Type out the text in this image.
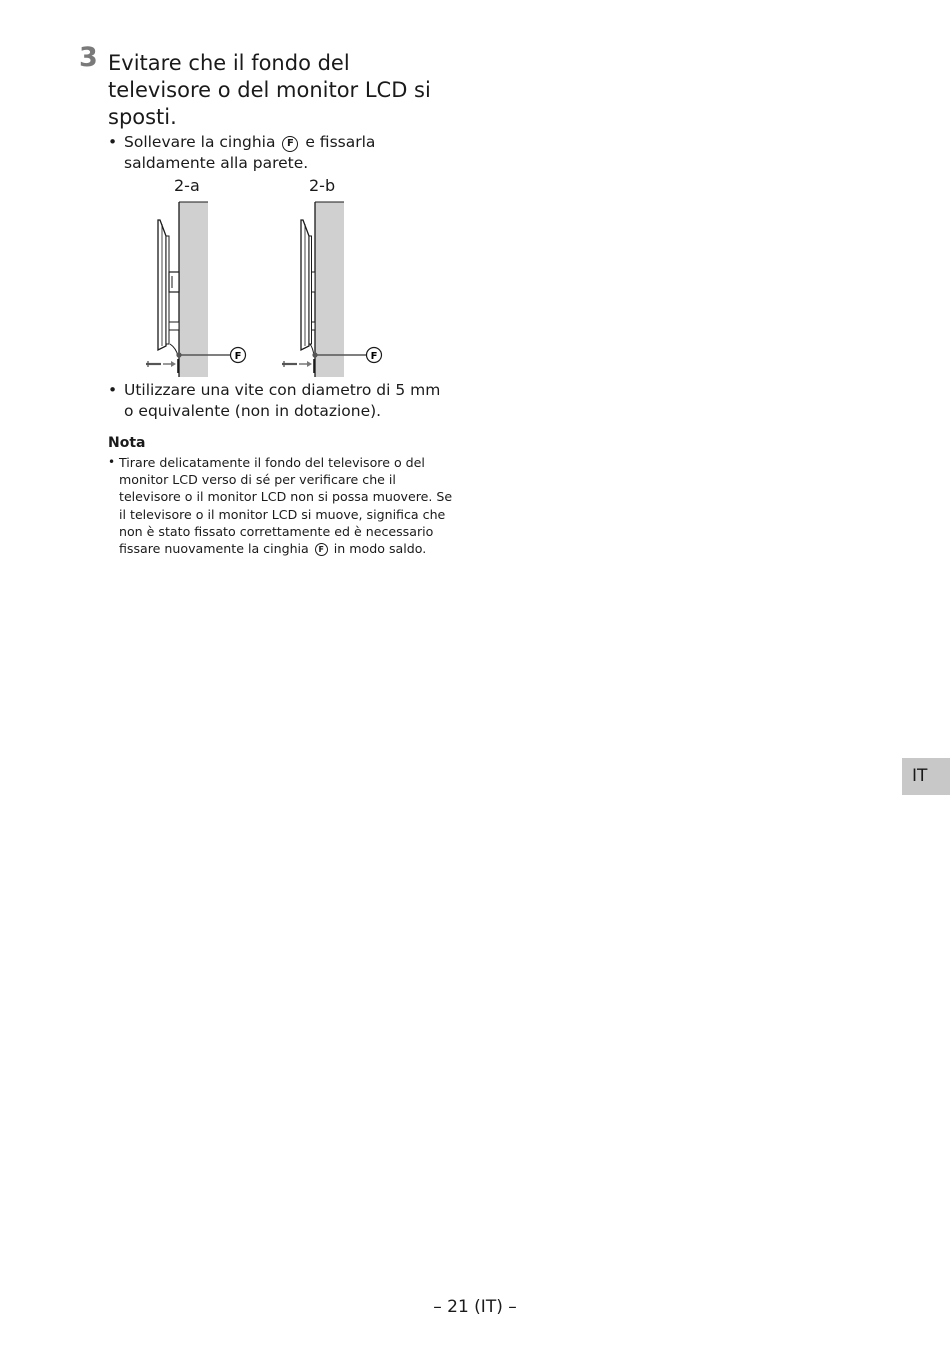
3 Evitare che il fondo del televisore o del monitor LCD si sposti.
• Sollevare la cinghia F e fissarla saldamente alla parete.
2-a	2-b
F	F
• Utilizzare una vite con diametro di 5 mm o equivalente (non in dotazione).
Nota
• Tirare delicatamente il fondo del televisore o del monitor LCD verso di sé per verificare che il televisore o il monitor LCD non si possa muovere. Se il televisore o il monitor LCD si muove, significa che non è stato fissato correttamente ed è necessario fissare nuovamente la cinghia F in modo saldo.
IT
– 21 (IT) –
